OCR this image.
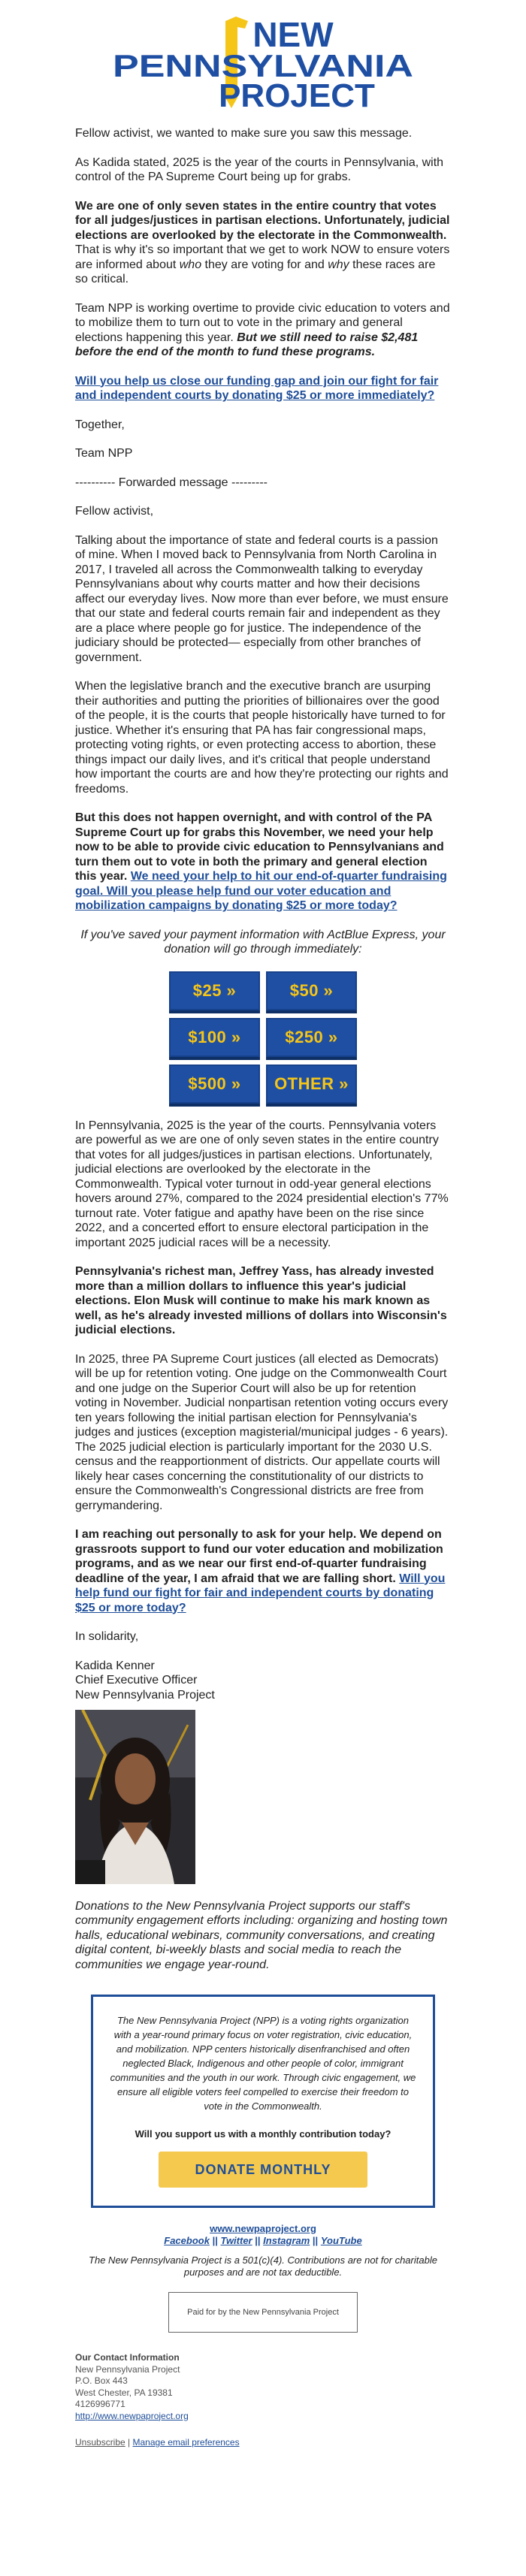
NEW
PENNSYLVANIA
PROJECT

Fellow activist, we wanted to make sure you saw this message.

As Kadida stated, 2025 is the year of the courts in Pennsylvania, with control of the PA Supreme Court being up for grabs.

We are one of only seven states in the entire country that votes for all judges/justices in partisan elections. Unfortunately, judicial elections are overlooked by the electorate in the Commonwealth. That is why it's so important that we get to work NOW to ensure voters are informed about who they are voting for and why these races are so critical.

Team NPP is working overtime to provide civic education to voters and to mobilize them to turn out to vote in the primary and general elections happening this year. But we still need to raise $2,481 before the end of the month to fund these programs.

Will you help us close our funding gap and join our fight for fair and independent courts by donating $25 or more immediately?

Together,

Team NPP

---------- Forwarded message ---------

Fellow activist,

Talking about the importance of state and federal courts is a passion of mine. When I moved back to Pennsylvania from North Carolina in 2017, I traveled all across the Commonwealth talking to everyday Pennsylvanians about why courts matter and how their decisions affect our everyday lives. Now more than ever before, we must ensure that our state and federal courts remain fair and independent as they are a place where people go for justice. The independence of the judiciary should be protected— especially from other branches of government.

When the legislative branch and the executive branch are usurping their authorities and putting the priorities of billionaires over the good of the people, it is the courts that people historically have turned to for justice. Whether it's ensuring that PA has fair congressional maps, protecting voting rights, or even protecting access to abortion, these things impact our daily lives, and it's critical that people understand how important the courts are and how they're protecting our rights and freedoms.

But this does not happen overnight, and with control of the PA Supreme Court up for grabs this November, we need your help now to be able to provide civic education to Pennsylvanians and turn them out to vote in both the primary and general election this year. We need your help to hit our end-of-quarter fundraising goal. Will you please help fund our voter education and mobilization campaigns by donating $25 or more today?

If you've saved your payment information with ActBlue Express, your donation will go through immediately:

$25 »	$50 »
$100 »	$250 »
$500 »	OTHER »

In Pennsylvania, 2025 is the year of the courts. Pennsylvania voters are powerful as we are one of only seven states in the entire country that votes for all judges/justices in partisan elections. Unfortunately, judicial elections are overlooked by the electorate in the Commonwealth. Typical voter turnout in odd-year general elections hovers around 27%, compared to the 2024 presidential election's 77% turnout rate. Voter fatigue and apathy have been on the rise since 2022, and a concerted effort to ensure electoral participation in the important 2025 judicial races will be a necessity.

Pennsylvania's richest man, Jeffrey Yass, has already invested more than a million dollars to influence this year's judicial elections. Elon Musk will continue to make his mark known as well, as he's already invested millions of dollars into Wisconsin's judicial elections.

In 2025, three PA Supreme Court justices (all elected as Democrats) will be up for retention voting. One judge on the Commonwealth Court and one judge on the Superior Court will also be up for retention voting in November. Judicial nonpartisan retention voting occurs every ten years following the initial partisan election for Pennsylvania's judges and justices (exception magisterial/municipal judges - 6 years). The 2025 judicial election is particularly important for the 2030 U.S. census and the reapportionment of districts. Our appellate courts will likely hear cases concerning the constitutionality of our districts to ensure the Commonwealth's Congressional districts are free from gerrymandering.

I am reaching out personally to ask for your help. We depend on grassroots support to fund our voter education and mobilization programs, and as we near our first end-of-quarter fundraising deadline of the year, I am afraid that we are falling short. Will you help fund our fight for fair and independent courts by donating $25 or more today?

In solidarity,

Kadida Kenner
Chief Executive Officer
New Pennsylvania Project

Donations to the New Pennsylvania Project supports our staff's community engagement efforts including: organizing and hosting town halls, educational webinars, community conversations, and creating digital content, bi-weekly blasts and social media to reach the communities we engage year-round.

The New Pennsylvania Project (NPP) is a voting rights organization with a year-round primary focus on voter registration, civic education, and mobilization. NPP centers historically disenfranchised and often neglected Black, Indigenous and other people of color, immigrant communities and the youth in our work. Through civic engagement, we ensure all eligible voters feel compelled to exercise their freedom to vote in the Commonwealth.

Will you support us with a monthly contribution today?

DONATE MONTHLY
www.newpaproject.org
Facebook || Twitter || Instagram || YouTube

The New Pennsylvania Project is a 501(c)(4). Contributions are not for charitable purposes and are not tax deductible.

Paid for by the New Pennsylvania Project
Our Contact Information
New Pennsylvania Project
P.O. Box 443
West Chester, PA 19381
4126996771
http://www.newpaproject.org
Unsubscribe | Manage email preferences
